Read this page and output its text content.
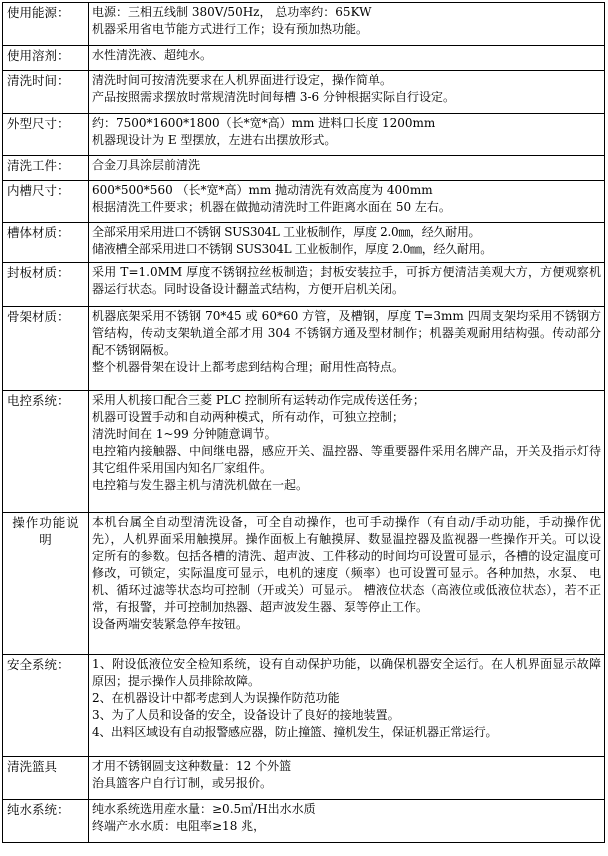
使用能源：	电源：三相五线制 380V/50Hz， 总功率约：65KW
机器采用省电节能方式进行工作；设有预加热功能。

使用溶剂：	水性清洗液、超纯水。

清洗时间：	清洗时间可按清洗要求在人机界面进行设定，操作简单。
产品按照需求摆放时常规清洗时间每槽 3-6 分钟根据实际自行设定。

外型尺寸：	约：7500*1600*1800（长*宽*高）mm 进料口长度 1200mm
机器现设计为 E 型摆放，左进右出摆放形式。

清洗工件：	合金刀具涂层前清洗

内槽尺寸：	600*500*560 （长*宽*高）mm 抛动清洗有效高度为 400mm
根据清洗工件要求；机器在做抛动清洗时工件距离水面在 50 左右。

槽体材质：	全部采用采用进口不锈钢 SUS304L 工业板制作，厚度 2.0㎜，经久耐用。
储液槽全部采用进口不锈钢 SUS304L 工业板制作，厚度 2.0㎜，经久耐用。

封板材质：	采用 T=1.0MM 厚度不锈钢拉丝板制造；封板安装拉手，可拆方便清洁美观大方，方便观察机器运行状态。同时设备设计翻盖式结构，方便开启机关闭。

骨架材质：	机器底架采用不锈钢 70*45 或 60*60 方管，及槽钢，厚度 T=3mm 四周支架均采用不锈钢方管结构，传动支架轨道全部才用 304 不锈钢方通及型材制作；机器美观耐用结构强。传动部分配不锈钢隔板。
整个机器骨架在设计上都考虑到结构合理；耐用性高特点。

电控系统：	采用人机接口配合三菱 PLC 控制所有运转动作完成传送任务；
机器可设置手动和自动两种模式，所有动作，可独立控制；
清洗时间在 1~99 分钟随意调节。
电控箱内接触器、中间继电器，感应开关、温控器、等重要器件采用名牌产品，开关及指示灯待其它组件采用国内知名厂家组件。
电控箱与发生器主机与清洗机做在一起。

操作功能说明	本机台属全自动型清洗设备，可全自动操作，也可手动操作（有自动/手动功能，手动操作优先），人机界面采用触摸屏。操作面板上有触摸屏、数显温控器及监视器一些操作开关。可以设定所有的参数。包括各槽的清洗、超声波、工件移动的时间均可设置可显示，各槽的设定温度可修改，可锁定，实际温度可显示，电机的速度（频率）也可设置可显示。各种加热，水泵、 电机、循环过滤等状态均可控制（开或关）可显示。 槽液位状态（高液位或低液位状态），若不正常，有报警，并可控制加热器、超声波发生器、泵等停止工作。
设备两端安装紧急停车按钮。

安全系统：	1、附设低液位安全检知系统，设有自动保护功能，以确保机器安全运行。在人机界面显示故障原因；提示操作人员排除故障。
2、在机器设计中都考虑到人为误操作防范功能
3、为了人员和设备的安全，设备设计了良好的接地装置。
4、出料区域设有自动报警感应器，防止撞篮、撞机发生，保证机器正常运行。

清洗篮具	才用不锈钢圆支这种数量：12 个外篮
治具篮客户自行订制，或另报价。

纯水系统：	纯水系统选用産水量：≥0.5㎥/H出水水质
终端产水水质：电阻率≥18 兆，
